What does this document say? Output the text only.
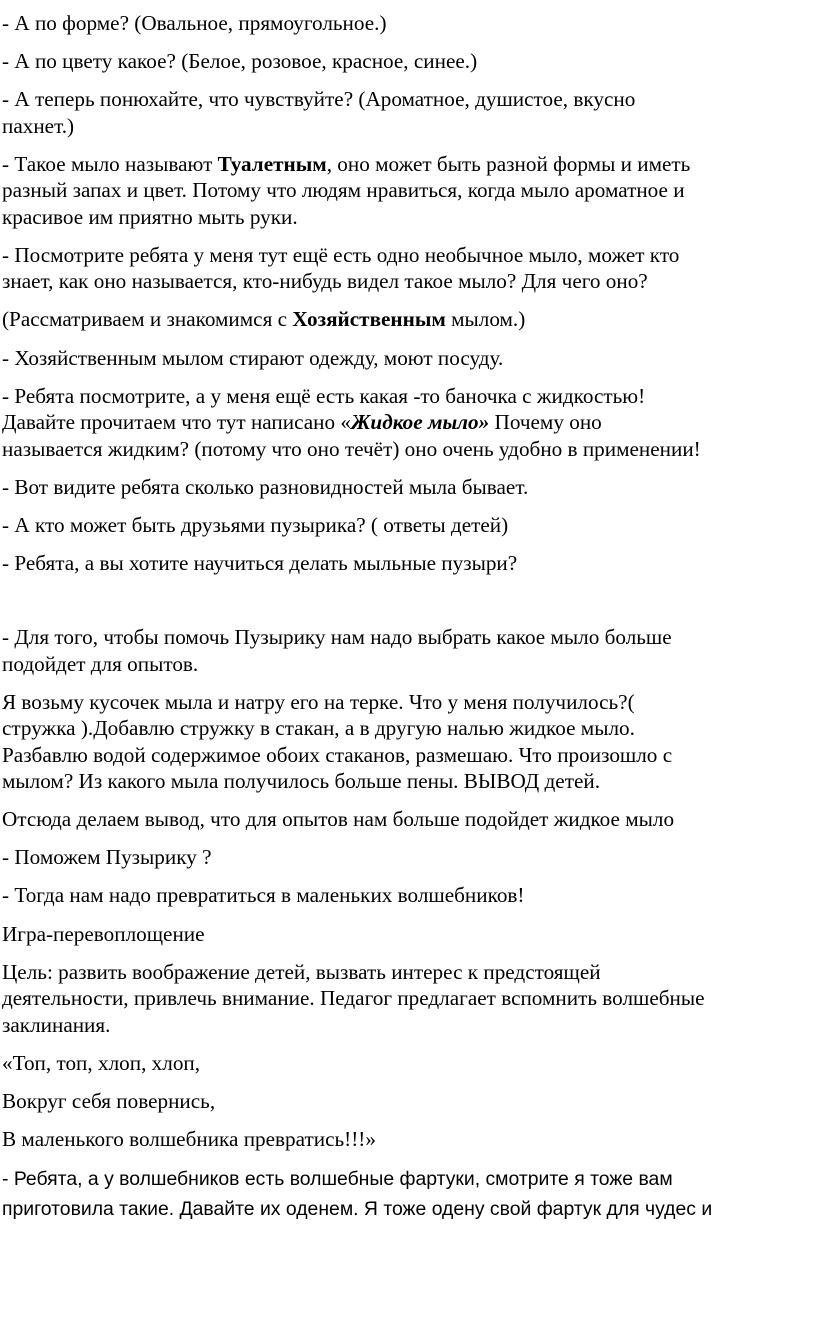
- А по форме? (Овальное, прямоугольное.)

- А по цвету какое? (Белое, розовое, красное, синее.)

- А теперь понюхайте, что чувствуйте? (Ароматное, душистое, вкусно
пахнет.)

- Такое мыло называют Туалетным, оно может быть разной формы и иметь
разный запах и цвет. Потому что людям нравиться, когда мыло ароматное и
красивое им приятно мыть руки.

- Посмотрите ребята у меня тут ещё есть одно необычное мыло, может кто
знает, как оно называется, кто-нибудь видел такое мыло? Для чего оно?

(Рассматриваем и знакомимся с Хозяйственным мылом.)

- Хозяйственным мылом стирают одежду, моют посуду.

- Ребята посмотрите, а у меня ещё есть какая -то баночка с жидкостью!
Давайте прочитаем что тут написано «Жидкое мыло» Почему оно
называется жидким? (потому что оно течёт) оно очень удобно в применении!

- Вот видите ребята сколько разновидностей мыла бывает.

- А кто может быть друзьями пузырика? ( ответы детей)

- Ребята, а вы хотите научиться делать мыльные пузыри?

- Для того, чтобы помочь Пузырику нам надо выбрать какое мыло больше
подойдет для опытов.

Я возьму кусочек мыла и натру его на терке. Что у меня получилось?(
стружка ).Добавлю стружку в стакан, а в другую налью жидкое мыло.
Разбавлю водой содержимое обоих стаканов, размешаю. Что произошло с
мылом? Из какого мыла получилось больше пены. ВЫВОД детей.

Отсюда делаем вывод, что для опытов нам больше подойдет жидкое мыло

- Поможем Пузырику ?

- Тогда нам надо превратиться в маленьких волшебников!

Игра-перевоплощение

Цель: развить воображение детей, вызвать интерес к предстоящей
деятельности, привлечь внимание. Педагог предлагает вспомнить волшебные
заклинания.

«Топ, топ, хлоп, хлоп,

Вокруг себя повернись,

В маленького волшебника превратись!!!»

- Ребята, а у волшебников есть волшебные фартуки, смотрите я тоже вам

приготовила такие. Давайте их оденем. Я тоже одену свой фартук для чудес и
